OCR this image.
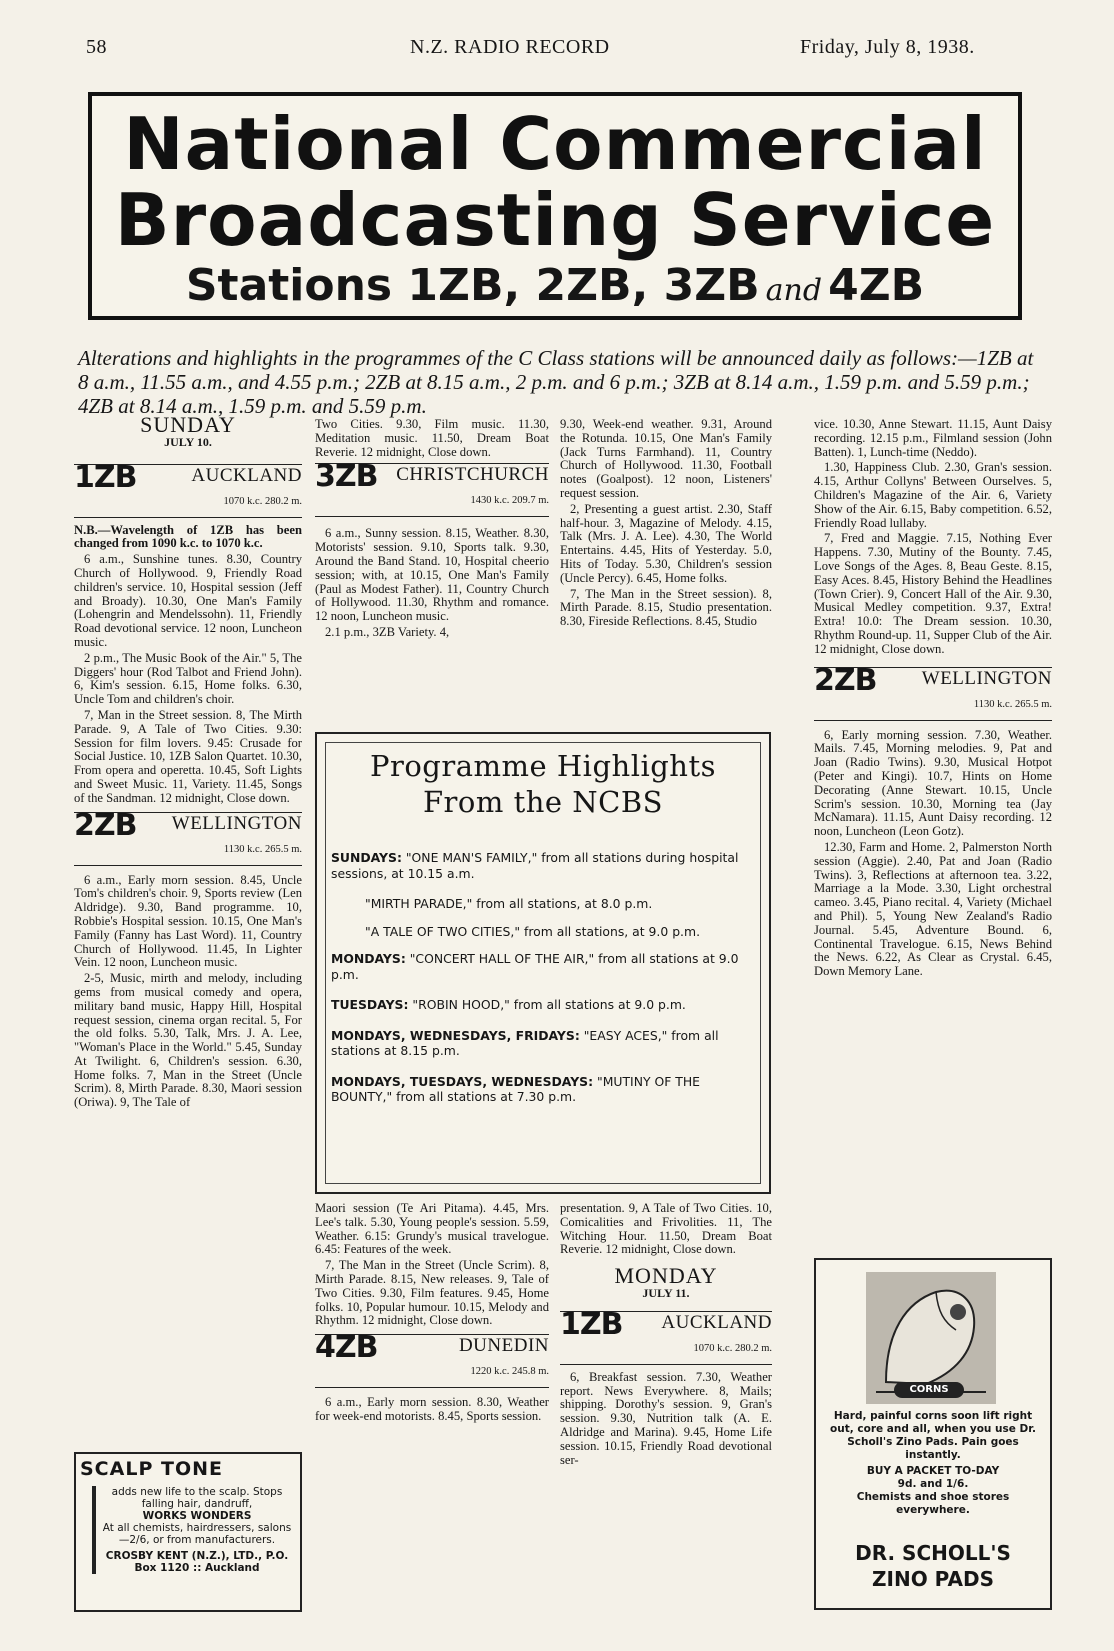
58	N.Z. RADIO RECORD	Friday, July 8, 1938.
National Commercial
Broadcasting Service
Stations 1ZB, 2ZB, 3ZB and 4ZB
Alterations and highlights in the programmes of the C Class stations will be announced daily as follows:—1ZB at 8 a.m., 11.55 a.m., and 4.55 p.m.; 2ZB at 8.15 a.m., 2 p.m. and 6 p.m.; 3ZB at 8.14 a.m., 1.59 p.m. and 5.59 p.m.; 4ZB at 8.14 a.m., 1.59 p.m. and 5.59 p.m.
SUNDAY
JULY 10.
1ZB	AUCKLAND
1070 k.c. 280.2 m.

N.B.—Wavelength of 1ZB has been changed from 1090 k.c. to 1070 k.c.

6 a.m., Sunshine tunes. 8.30, Country Church of Hollywood. 9, Friendly Road children's service. 10, Hospital session (Jeff and Broady). 10.30, One Man's Family (Lohengrin and Mendelssohn). 11, Friendly Road devotional service. 12 noon, Luncheon music.

2 p.m., The Music Book of the Air." 5, The Diggers' hour (Rod Talbot and Friend John). 6, Kim's session. 6.15, Home folks. 6.30, Uncle Tom and children's choir.

7, Man in the Street session. 8, The Mirth Parade. 9, A Tale of Two Cities. 9.30: Session for film lovers. 9.45: Crusade for Social Justice. 10, 1ZB Salon Quartet. 10.30, From opera and operetta. 10.45, Soft Lights and Sweet Music. 11, Variety. 11.45, Songs of the Sandman. 12 midnight, Close down.

2ZB WELLINGTON
1130 k.c. 265.5 m.

6 a.m., Early morn session. 8.45, Uncle Tom's children's choir. 9, Sports review (Len Aldridge). 9.30, Band programme. 10, Robbie's Hospital session. 10.15, One Man's Family (Fanny has Last Word). 11, Country Church of Hollywood. 11.45, In Lighter Vein. 12 noon, Luncheon music.

2-5, Music, mirth and melody, including gems from musical comedy and opera, military band music, Happy Hill, Hospital request session, cinema organ recital. 5, For the old folks. 5.30, Talk, Mrs. J. A. Lee, "Woman's Place in the World." 5.45, Sunday At Twilight. 6, Children's session. 6.30, Home folks. 7, Man in the Street (Uncle Scrim). 8, Mirth Parade. 8.30, Maori session (Oriwa). 9, The Tale of

Two Cities. 9.30, Film music. 11.30, Meditation music. 11.50, Dream Boat Reverie. 12 midnight, Close down.

3ZB CHRISTCHURCH
1430 k.c. 209.7 m.

6 a.m., Sunny session. 8.15, Weather. 8.30, Motorists' session. 9.10, Sports talk. 9.30, Around the Band Stand. 10, Hospital cheerio session; with, at 10.15, One Man's Family (Paul as Modest Father). 11, Country Church of Hollywood. 11.30, Rhythm and romance. 12 noon, Luncheon music.

2.1 p.m., 3ZB Variety. 4,

9.30, Week-end weather. 9.31, Around the Rotunda. 10.15, One Man's Family (Jack Turns Farmhand). 11, Country Church of Hollywood. 11.30, Football notes (Goalpost). 12 noon, Listeners' request session.

2, Presenting a guest artist. 2.30, Staff half-hour. 3, Magazine of Melody. 4.15, Talk (Mrs. J. A. Lee). 4.30, The World Entertains. 4.45, Hits of Yesterday. 5.0, Hits of Today. 5.30, Children's session (Uncle Percy). 6.45, Home folks.

7, The Man in the Street session). 8, Mirth Parade. 8.15, Studio presentation. 8.30, Fireside Reflections. 8.45, Studio

vice. 10.30, Anne Stewart. 11.15, Aunt Daisy recording. 12.15 p.m., Filmland session (John Batten). 1, Lunch-time (Neddo).

1.30, Happiness Club. 2.30, Gran's session. 4.15, Arthur Collyns' Between Ourselves. 5, Children's Magazine of the Air. 6, Variety Show of the Air. 6.15, Baby competition. 6.52, Friendly Road lullaby.

7, Fred and Maggie. 7.15, Nothing Ever Happens. 7.30, Mutiny of the Bounty. 7.45, Love Songs of the Ages. 8, Beau Geste. 8.15, Easy Aces. 8.45, History Behind the Headlines (Town Crier). 9, Concert Hall of the Air. 9.30, Musical Medley competition. 9.37, Extra! Extra! 10.0: The Dream session. 10.30, Rhythm Round-up. 11, Supper Club of the Air. 12 midnight, Close down.

2ZB WELLINGTON
1130 k.c. 265.5 m.

6, Early morning session. 7.30, Weather. Mails. 7.45, Morning melodies. 9, Pat and Joan (Radio Twins). 9.30, Musical Hotpot (Peter and Kingi). 10.7, Hints on Home Decorating (Anne Stewart. 10.15, Uncle Scrim's session. 10.30, Morning tea (Jay McNamara). 11.15, Aunt Daisy recording. 12 noon, Luncheon (Leon Gotz).

12.30, Farm and Home. 2, Palmerston North session (Aggie). 2.40, Pat and Joan (Radio Twins). 3, Reflections at afternoon tea. 3.22, Marriage a la Mode. 3.30, Light orchestral cameo. 3.45, Piano recital. 4, Variety (Michael and Phil). 5, Young New Zealand's Radio Journal. 5.45, Adventure Bound. 6, Continental Travelogue. 6.15, News Behind the News. 6.22, As Clear as Crystal. 6.45, Down Memory Lane.

Programme Highlights
From the NCBS

SUNDAYS: "ONE MAN'S FAMILY," from all stations during hospital sessions, at 10.15 a.m.

"MIRTH PARADE," from all stations, at 8.0 p.m.

"A TALE OF TWO CITIES," from all stations, at 9.0 p.m.

MONDAYS: "CONCERT HALL OF THE AIR," from all stations at 9.0 p.m.

TUESDAYS: "ROBIN HOOD," from all stations at 9.0 p.m.

MONDAYS, WEDNESDAYS, FRIDAYS: "EASY ACES," from all stations at 8.15 p.m.

MONDAYS, TUESDAYS, WEDNESDAYS: "MUTINY OF THE BOUNTY," from all stations at 7.30 p.m.

Maori session (Te Ari Pitama). 4.45, Mrs. Lee's talk. 5.30, Young people's session. 5.59, Weather. 6.15: Grundy's musical travelogue. 6.45: Features of the week.

7, The Man in the Street (Uncle Scrim). 8, Mirth Parade. 8.15, New releases. 9, Tale of Two Cities. 9.30, Film features. 9.45, Home folks. 10, Popular humour. 10.15, Melody and Rhythm. 12 midnight, Close down.

4ZB	DUNEDIN
1220 k.c. 245.8 m.

6 a.m., Early morn session. 8.30, Weather for week-end motorists. 8.45, Sports session.

presentation. 9, A Tale of Two Cities. 10, Comicalities and Frivolities. 11, The Witching Hour. 11.50, Dream Boat Reverie. 12 midnight, Close down.

MONDAY
JULY 11.
1ZB AUCKLAND
1070 k.c. 280.2 m.

6, Breakfast session. 7.30, Weather report. News Everywhere. 8, Mails; shipping. Dorothy's session. 9, Gran's session. 9.30, Nutrition talk (A. E. Aldridge and Marina). 9.45, Home Life session. 10.15, Friendly Road devotional ser-

SCALP TONE
adds new life to the scalp. Stops falling hair, dandruff,
WORKS WONDERS
At all chemists, hairdressers, salons—2/6, or from manufacturers.
CROSBY KENT (N.Z.), LTD., P.O. Box 1120 :: Auckland
CORNS
Hard, painful corns soon lift right out, core and all, when you use Dr. Scholl's Zino Pads. Pain goes instantly.
BUY A PACKET TO-DAY
9d. and 1/6.
Chemists and shoe stores everywhere.
DR. SCHOLL'S
ZINO PADS
